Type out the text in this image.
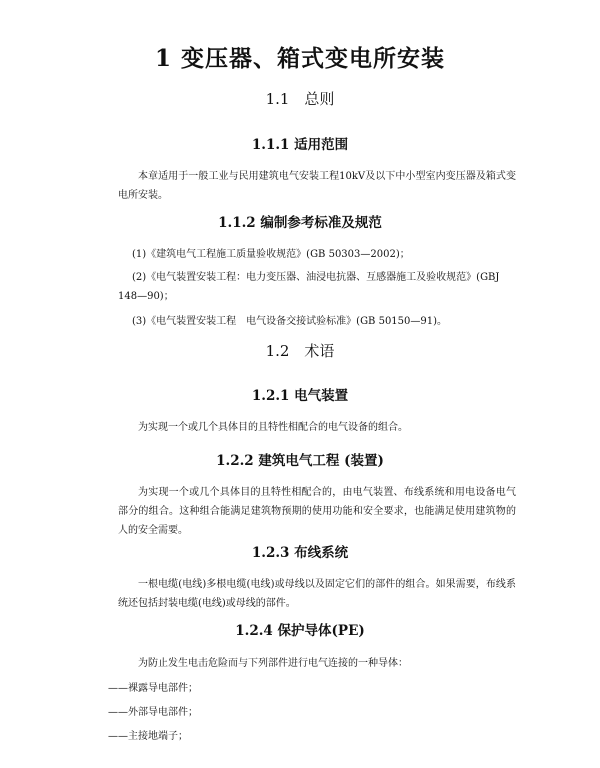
1 变压器、箱式变电所安装
1.1　总则
1.1.1 适用范围
本章适用于一般工业与民用建筑电气安装工程10kV及以下中小型室内变压器及箱式变电所安装。
1.1.2 编制参考标准及规范
(1)《建筑电气工程施工质量验收规范》(GB 50303—2002)；
(2)《电气装置安装工程：电力变压器、油浸电抗器、互感器施工及验收规范》(GBJ 148—90)；
(3)《电气装置安装工程　电气设备交接试验标准》(GB 50150—91)。
1.2　术语
1.2.1 电气装置
为实现一个或几个具体目的且特性相配合的电气设备的组合。
1.2.2 建筑电气工程 (装置)
为实现一个或几个具体目的且特性相配合的，由电气装置、布线系统和用电设备电气部分的组合。这种组合能满足建筑物预期的使用功能和安全要求，也能满足使用建筑物的人的安全需要。
1.2.3 布线系统
一根电缆(电线)多根电缆(电线)或母线以及固定它们的部件的组合。如果需要，布线系统还包括封装电缆(电线)或母线的部件。
1.2.4 保护导体(PE)
为防止发生电击危险而与下列部件进行电气连接的一种导体：
——裸露导电部件；
——外部导电部件；
——主接地端子；
